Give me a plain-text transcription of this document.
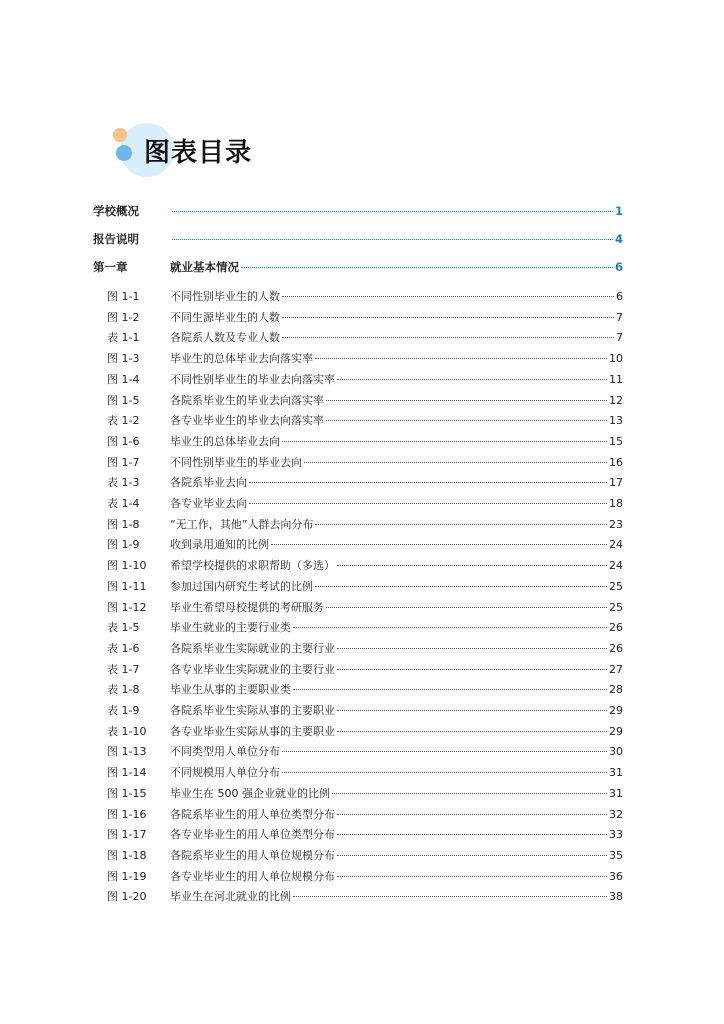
图表目录
学校概况	1
报告说明	4
第一章	就业基本情况	6
图 1-1	不同性别毕业生的人数	6
图 1-2	不同生源毕业生的人数	7
表 1-1	各院系人数及专业人数	7
图 1-3	毕业生的总体毕业去向落实率	10
图 1-4	不同性别毕业生的毕业去向落实率	11
图 1-5	各院系毕业生的毕业去向落实率	12
表 1-2	各专业毕业生的毕业去向落实率	13
图 1-6	毕业生的总体毕业去向	15
图 1-7	不同性别毕业生的毕业去向	16
表 1-3	各院系毕业去向	17
表 1-4	各专业毕业去向	18
图 1-8	“无工作，其他”人群去向分布	23
图 1-9	收到录用通知的比例	24
图 1-10	希望学校提供的求职帮助（多选）	24
图 1-11	参加过国内研究生考试的比例	25
图 1-12	毕业生希望母校提供的考研服务	25
表 1-5	毕业生就业的主要行业类	26
表 1-6	各院系毕业生实际就业的主要行业	26
表 1-7	各专业毕业生实际就业的主要行业	27
表 1-8	毕业生从事的主要职业类	28
表 1-9	各院系毕业生实际从事的主要职业	29
表 1-10	各专业毕业生实际从事的主要职业	29
图 1-13	不同类型用人单位分布	30
图 1-14	不同规模用人单位分布	31
图 1-15	毕业生在 500 强企业就业的比例	31
图 1-16	各院系毕业生的用人单位类型分布	32
图 1-17	各专业毕业生的用人单位类型分布	33
图 1-18	各院系毕业生的用人单位规模分布	35
图 1-19	各专业毕业生的用人单位规模分布	36
图 1-20	毕业生在河北就业的比例	38
